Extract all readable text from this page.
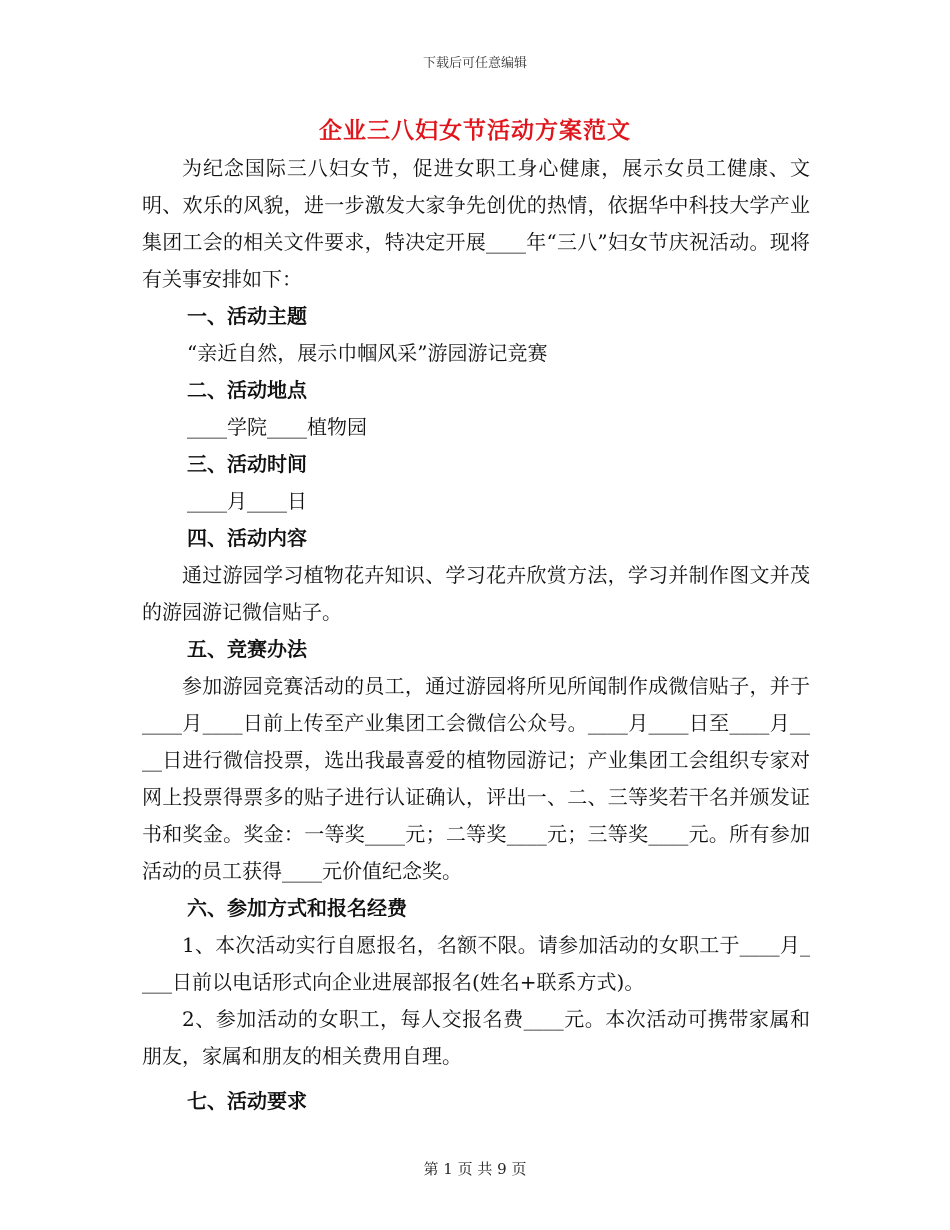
下载后可任意编辑
企业三八妇女节活动方案范文

为纪念国际三八妇女节，促进女职工身心健康，展示女员工健康、文明、欢乐的风貌，进一步激发大家争先创优的热情，依据华中科技大学产业集团工会的相关文件要求，特决定开展____年“三八”妇女节庆祝活动。现将有关事安排如下：

一、活动主题

“亲近自然，展示巾帼风采”游园游记竞赛

二、活动地点

____学院____植物园

三、活动时间

____月____日

四、活动内容

通过游园学习植物花卉知识、学习花卉欣赏方法，学习并制作图文并茂的游园游记微信贴子。

五、竞赛办法

参加游园竞赛活动的员工，通过游园将所见所闻制作成微信贴子，并于____月____日前上传至产业集团工会微信公众号。____月____日至____月____日进行微信投票，选出我最喜爱的植物园游记；产业集团工会组织专家对网上投票得票多的贴子进行认证确认，评出一、二、三等奖若干名并颁发证书和奖金。奖金：一等奖____元；二等奖____元；三等奖____元。所有参加活动的员工获得____元价值纪念奖。

六、参加方式和报名经费

1、本次活动实行自愿报名，名额不限。请参加活动的女职工于____月____日前以电话形式向企业进展部报名(姓名+联系方式)。

2、参加活动的女职工，每人交报名费____元。本次活动可携带家属和朋友，家属和朋友的相关费用自理。

七、活动要求

第 1 页 共 9 页
